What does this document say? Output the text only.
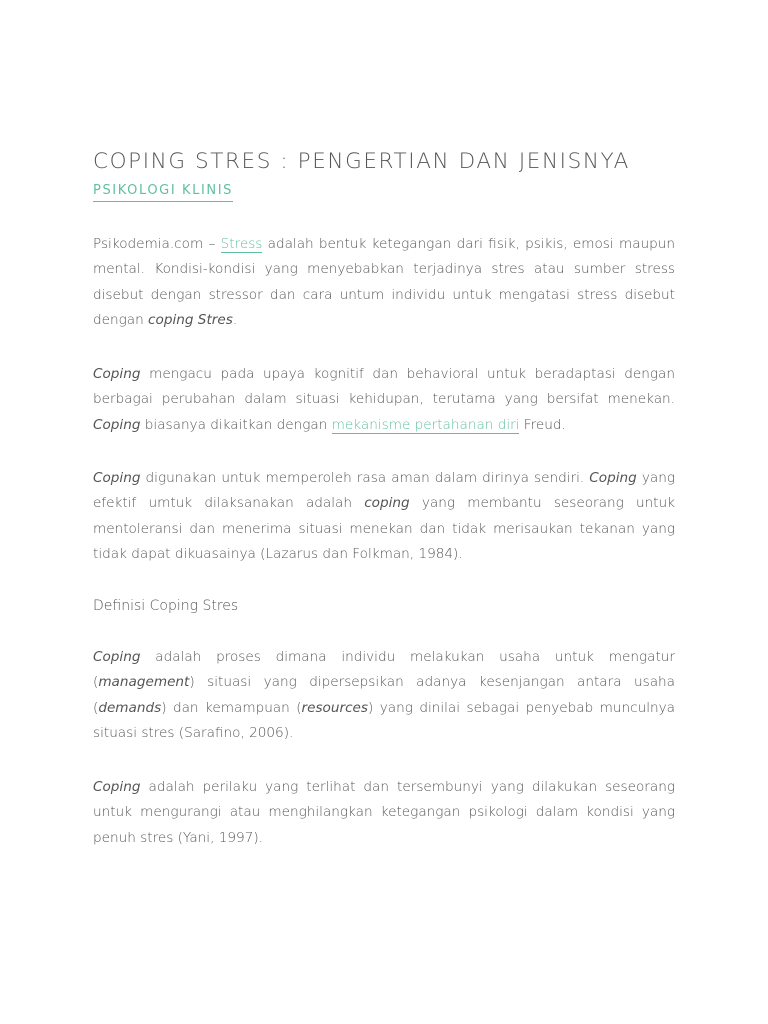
COPING STRES : PENGERTIAN DAN JENISNYA
PSIKOLOGI KLINIS

Psikodemia.com – Stress adalah bentuk ketegangan dari fisik, psikis, emosi maupun mental. Kondisi-kondisi yang menyebabkan terjadinya stres atau sumber stress disebut dengan stressor dan cara untum individu untuk mengatasi stress disebut dengan coping Stres.

Coping mengacu pada upaya kognitif dan behavioral untuk beradaptasi dengan berbagai perubahan dalam situasi kehidupan, terutama yang bersifat menekan. Coping biasanya dikaitkan dengan mekanisme pertahanan diri Freud.

Coping digunakan untuk memperoleh rasa aman dalam dirinya sendiri. Coping yang efektif umtuk dilaksanakan adalah coping yang membantu seseorang untuk mentoleransi dan menerima situasi menekan dan tidak merisaukan tekanan yang tidak dapat dikuasainya (Lazarus dan Folkman, 1984).

Definisi Coping Stres

Coping adalah proses dimana individu melakukan usaha untuk mengatur (management) situasi yang dipersepsikan adanya kesenjangan antara usaha (demands) dan kemampuan (resources) yang dinilai sebagai penyebab munculnya situasi stres (Sarafino, 2006).

Coping adalah perilaku yang terlihat dan tersembunyi yang dilakukan seseorang untuk mengurangi atau menghilangkan ketegangan psikologi dalam kondisi yang penuh stres (Yani, 1997).
